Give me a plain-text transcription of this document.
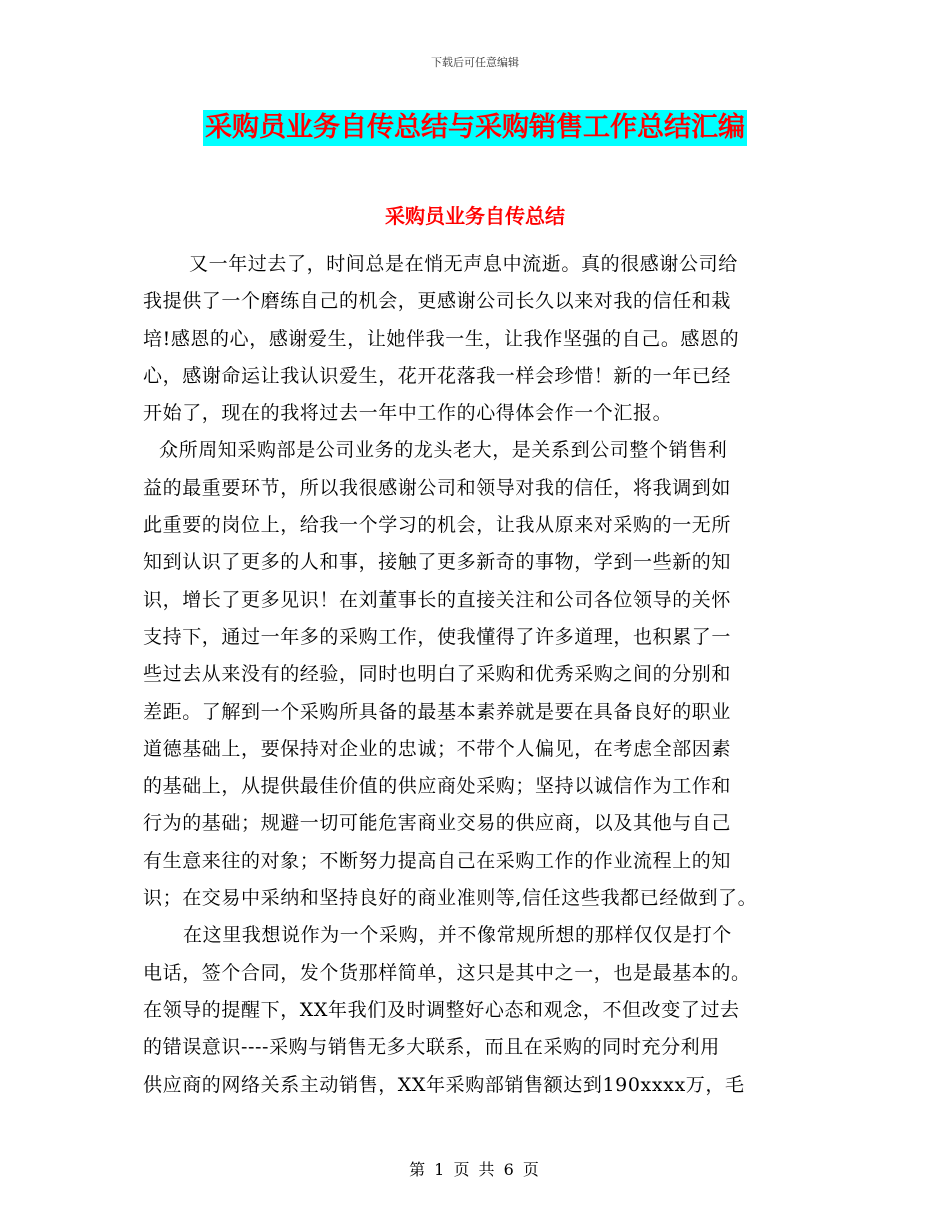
下载后可任意编辑
采购员业务自传总结与采购销售工作总结汇编
采购员业务自传总结
又一年过去了，时间总是在悄无声息中流逝。真的很感谢公司给
我提供了一个磨练自己的机会，更感谢公司长久以来对我的信任和栽
培!感恩的心，感谢爱生，让她伴我一生，让我作坚强的自己。感恩的
心，感谢命运让我认识爱生，花开花落我一样会珍惜！新的一年已经
开始了，现在的我将过去一年中工作的心得体会作一个汇报。
众所周知采购部是公司业务的龙头老大，是关系到公司整个销售利
益的最重要环节，所以我很感谢公司和领导对我的信任，将我调到如
此重要的岗位上，给我一个学习的机会，让我从原来对采购的一无所
知到认识了更多的人和事，接触了更多新奇的事物，学到一些新的知
识，增长了更多见识！在刘董事长的直接关注和公司各位领导的关怀
支持下，通过一年多的采购工作，使我懂得了许多道理，也积累了一
些过去从来没有的经验，同时也明白了采购和优秀采购之间的分别和
差距。了解到一个采购所具备的最基本素养就是要在具备良好的职业
道德基础上，要保持对企业的忠诚；不带个人偏见，在考虑全部因素
的基础上，从提供最佳价值的供应商处采购；坚持以诚信作为工作和
行为的基础；规避一切可能危害商业交易的供应商，以及其他与自己
有生意来往的对象；不断努力提高自己在采购工作的作业流程上的知
识；在交易中采纳和坚持良好的商业准则等,信任这些我都已经做到了。
在这里我想说作为一个采购，并不像常规所想的那样仅仅是打个
电话，签个合同，发个货那样简单，这只是其中之一，也是最基本的。
在领导的提醒下，XX年我们及时调整好心态和观念，不但改变了过去
的错误意识----采购与销售无多大联系，而且在采购的同时充分利用
供应商的网络关系主动销售，XX年采购部销售额达到190xxxx万，毛
第 1 页 共 6 页
